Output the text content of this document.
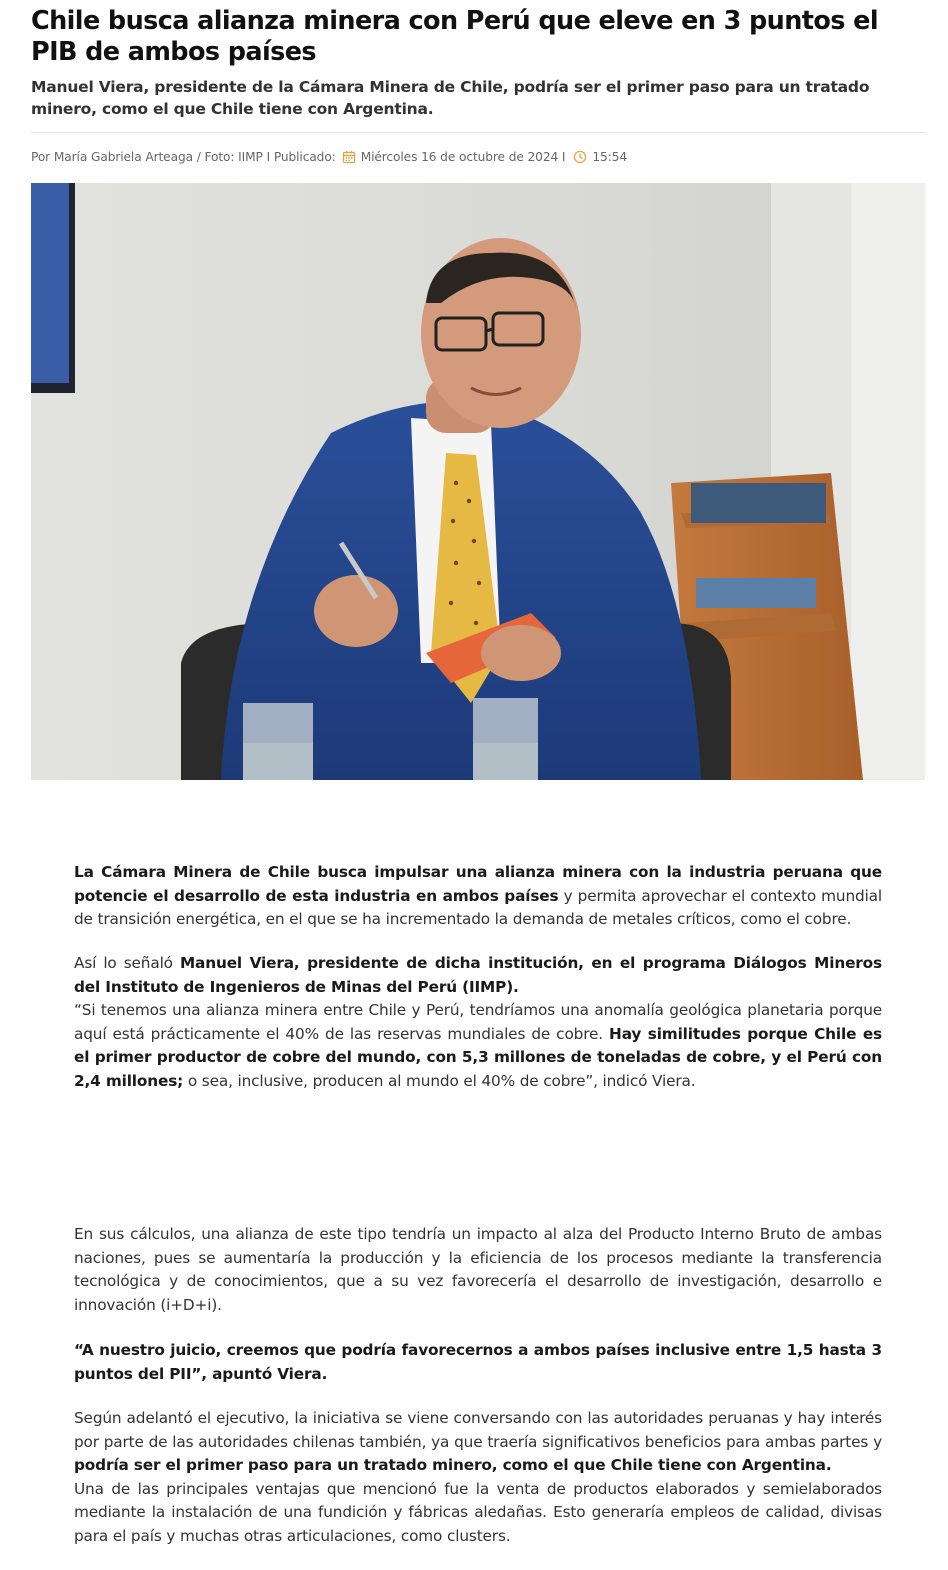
Chile busca alianza minera con Perú que eleve en 3 puntos el PIB de ambos países
Manuel Viera, presidente de la Cámara Minera de Chile, podría ser el primer paso para un tratado minero, como el que Chile tiene con Argentina.
Por María Gabriela Arteaga / Foto: IIMP I Publicado: Miércoles 16 de octubre de 2024 I 15:54

La Cámara Minera de Chile busca impulsar una alianza minera con la industria peruana que potencie el desarrollo de esta industria en ambos países y permita aprovechar el contexto mundial de transición energética, en el que se ha incrementado la demanda de metales críticos, como el cobre.

Así lo señaló Manuel Viera, presidente de dicha institución, en el programa Diálogos Mineros del Instituto de Ingenieros de Minas del Perú (IIMP).
“Si tenemos una alianza minera entre Chile y Perú, tendríamos una anomalía geológica planetaria porque aquí está prácticamente el 40% de las reservas mundiales de cobre. Hay similitudes porque Chile es el primer productor de cobre del mundo, con 5,3 millones de toneladas de cobre, y el Perú con 2,4 millones; o sea, inclusive, producen al mundo el 40% de cobre”, indicó Viera.

En sus cálculos, una alianza de este tipo tendría un impacto al alza del Producto Interno Bruto de ambas naciones, pues se aumentaría la producción y la eficiencia de los procesos mediante la transferencia tecnológica y de conocimientos, que a su vez favorecería el desarrollo de investigación, desarrollo e innovación (i+D+i).

“A nuestro juicio, creemos que podría favorecernos a ambos países inclusive entre 1,5 hasta 3 puntos del PII”, apuntó Viera.

Según adelantó el ejecutivo, la iniciativa se viene conversando con las autoridades peruanas y hay interés por parte de las autoridades chilenas también, ya que traería significativos beneficios para ambas partes y podría ser el primer paso para un tratado minero, como el que Chile tiene con Argentina.
Una de las principales ventajas que mencionó fue la venta de productos elaborados y semielaborados mediante la instalación de una fundición y fábricas aledañas. Esto generaría empleos de calidad, divisas para el país y muchas otras articulaciones, como clusters.
